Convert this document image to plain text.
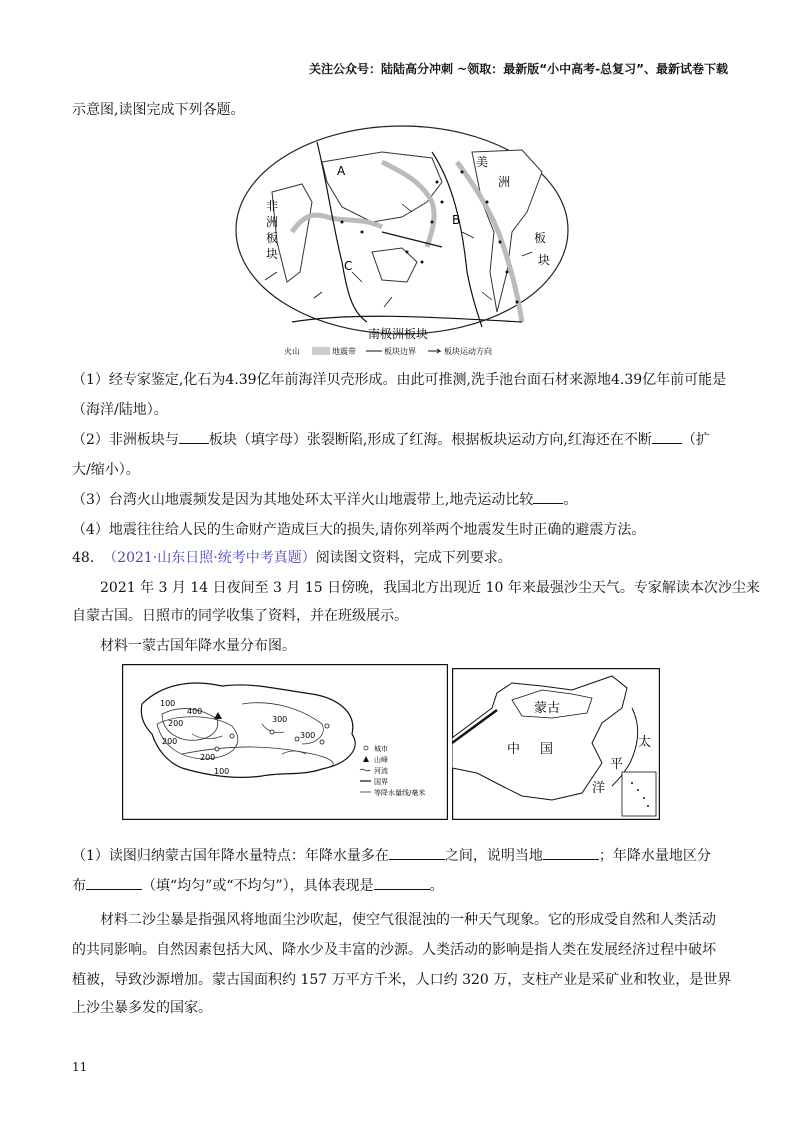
关注公众号：陆陆高分冲刺 ~领取：最新版“小中高考-总复习”、最新试卷下载
示意图,读图完成下列各题。
A
B
C
非
洲
板
块
美
洲
板
块
南极洲板块
火山	地震带	板块边界	板块运动方向
（1）经专家鉴定,化石为4.39亿年前海洋贝壳形成。由此可推测,洗手池台面石材来源地4.39亿年前可能是
（海洋/陆地）。
（2）非洲板块与 板块（填字母）张裂断陷,形成了红海。根据板块运动方向,红海还在不断 （扩
大/缩小）。
（3）台湾火山地震频发是因为其地处环太平洋火山地震带上,地壳运动比较 。
（4）地震往往给人民的生命财产造成巨大的损失,请你列举两个地震发生时正确的避震方法。
48. （2021·山东日照·统考中考真题）阅读图文资料，完成下列要求。
2021 年 3 月 14 日夜间至 3 月 15 日傍晚，我国北方出现近 10 年来最强沙尘天气。专家解读本次沙尘来
自蒙古国。日照市的同学收集了资料，并在班级展示。
材料一蒙古国年降水量分布图。
100
200	300
400
200
200
300
100
城市
山峰
河流
国界
等降水量线/毫米
蒙古
中 国	太
平
洋
（1）读图归纳蒙古国年降水量特点：年降水量多在	之间，说明当地	；年降水量地区分
布	（填“均匀”或“不均匀”），具体表现是	。
材料二沙尘暴是指强风将地面尘沙吹起，使空气很混浊的一种天气现象。它的形成受自然和人类活动
的共同影响。自然因素包括大风、降水少及丰富的沙源。人类活动的影响是指人类在发展经济过程中破坏
植被，导致沙源增加。蒙古国面积约 157 万平方千米，人口约 320 万，支柱产业是采矿业和牧业，是世界
上沙尘暴多发的国家。
11
